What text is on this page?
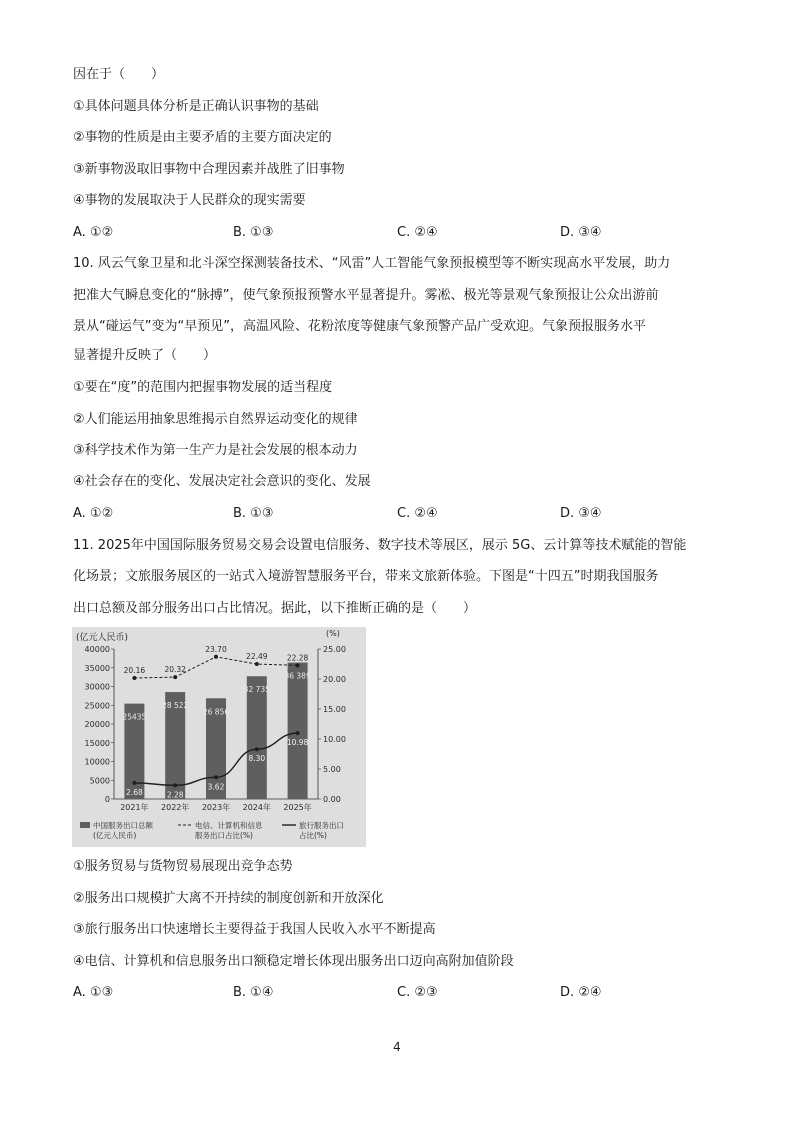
因在于（　　）
①具体问题具体分析是正确认识事物的基础
②事物的性质是由主要矛盾的主要方面决定的
③新事物汲取旧事物中合理因素并战胜了旧事物
④事物的发展取决于人民群众的现实需要
A. ①②	B. ①③	C. ②④	D. ③④
10. 风云气象卫星和北斗深空探测装备技术、“风雷”人工智能气象预报模型等不断实现高水平发展，助力
把准大气瞬息变化的“脉搏”，使气象预报预警水平显著提升。雾凇、极光等景观气象预报让公众出游前
景从“碰运气”变为“早预见”，高温风险、花粉浓度等健康气象预警产品广受欢迎。气象预报服务水平
显著提升反映了（　　）
①要在“度”的范围内把握事物发展的适当程度
②人们能运用抽象思维揭示自然界运动变化的规律
③科学技术作为第一生产力是社会发展的根本动力
④社会存在的变化、发展决定社会意识的变化、发展
A. ①②	B. ①③	C. ②④	D. ③④
11. 2025年中国国际服务贸易交易会设置电信服务、数字技术等展区，展示 5G、云计算等技术赋能的智能
化场景；文旅服务展区的一站式入境游智慧服务平台，带来文旅新体验。下图是“十四五”时期我国服务
出口总额及部分服务出口占比情况。据此，以下推断正确的是（　　）
(亿元人民币)	(%)
0
5000
10000
15000
20000
25000
30000
35000
40000
0.00
5.00
10.00
15.00
20.00
25.00
2021年 2022年 2023年 2024年 2025年
25435
28 522
26 856
32 735
36 389
20.16	20.32
23.70
22.49	22.28
2.68	2.28
3.62
8.30
10.98
中国服务出口总额
(亿元人民币)
电信、计算机和信息
服务出口占比(%)
旅行服务出口
占比(%)
①服务贸易与货物贸易展现出竞争态势
②服务出口规模扩大离不开持续的制度创新和开放深化
③旅行服务出口快速增长主要得益于我国人民收入水平不断提高
④电信、计算机和信息服务出口额稳定增长体现出服务出口迈向高附加值阶段
A. ①③	B. ①④	C. ②③	D. ②④
4
